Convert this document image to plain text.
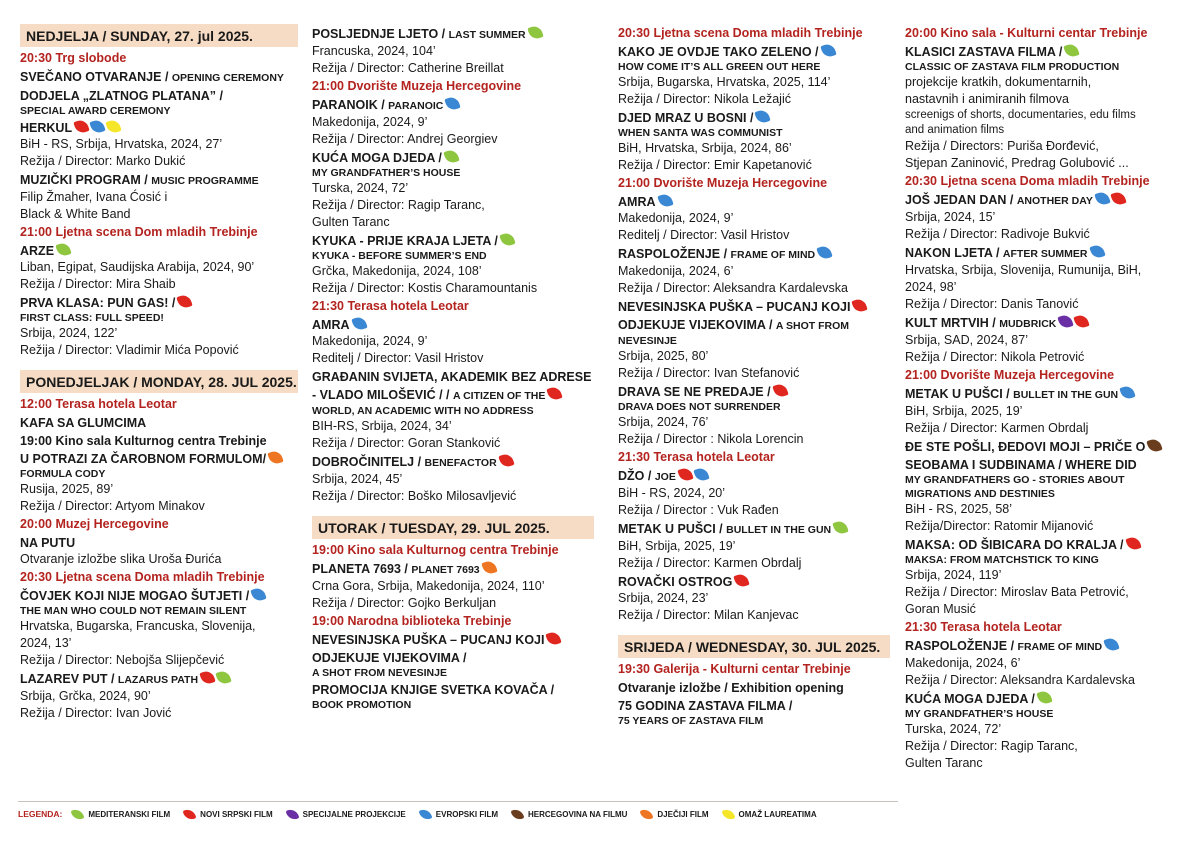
NEDJELJA / SUNDAY, 27. jul 2025.
20:30 Trg slobode
SVEČANO OTVARANJE / OPENING CEREMONY
DODJELA „ZLATNOG PLATANA” /
SPECIAL AWARD CEREMONY
HERKUL
BiH - RS, Srbija, Hrvatska, 2024, 27’
Režija / Director: Marko Dukić
MUZIČKI PROGRAM / MUSIC PROGRAMME
Filip Žmaher, Ivana Ćosić i
Black & White Band
21:00 Ljetna scena Dom mladih Trebinje
ARZE
Liban, Egipat, Saudijska Arabija, 2024, 90’
Režija / Director: Mira Shaib
PRVA KLASA: PUN GAS! /
FIRST CLASS: FULL SPEED!
Srbija, 2024, 122’
Režija / Director: Vladimir Mića Popović
PONEDJELJAK / MONDAY, 28. JUL 2025.
12:00 Terasa hotela Leotar
KAFA SA GLUMCIMA
19:00 Kino sala Kulturnog centra Trebinje
U POTRAZI ZA ČAROBNOM FORMULOM/
FORMULA CODY
Rusija, 2025, 89’
Režija / Director: Artyom Minakov
20:00 Muzej Hercegovine
NA PUTU
Otvaranje izložbe slika Uroša Đurića
20:30 Ljetna scena Doma mladih Trebinje
ČOVJEK KOJI NIJE MOGAO ŠUTJETI /
THE MAN WHO COULD NOT REMAIN SILENT
Hrvatska, Bugarska, Francuska, Slovenija,
2024, 13’
Režija / Director: Nebojša Slijepčević
LAZAREV PUT / LAZARUS PATH
Srbija, Grčka, 2024, 90’
Režija / Director: Ivan Jović
POSLJEDNJE LJETO / LAST SUMMER
Francuska, 2024, 104’
Režija / Director: Catherine Breillat
21:00 Dvorište Muzeja Hercegovine
PARANOIK / PARANOIC
Makedonija, 2024, 9’
Režija / Director: Andrej Georgiev
KUĆA MOGA DJEDA /
MY GRANDFATHER’S HOUSE
Turska, 2024, 72’
Režija / Director: Ragip Taranc,
Gulten Taranc
KYUKA - PRIJE KRAJA LJETA /
KYUKA - BEFORE SUMMER’S END
Grčka, Makedonija, 2024, 108’
Režija / Director: Kostis Charamountanis
21:30 Terasa hotela Leotar
AMRA
Makedonija, 2024, 9’
Reditelj / Director: Vasil Hristov
GRAĐANIN SVIJETA, AKADEMIK BEZ ADRESE
- VLADO MILOŠEVIĆ / / A CITIZEN OF THE
WORLD, AN ACADEMIC WITH NO ADDRESS
BIH-RS, Srbija, 2024, 34’
Režija / Director: Goran Stanković
DOBROČINITELJ / BENEFACTOR
Srbija, 2024, 45’
Režija / Director: Boško Milosavljević
UTORAK / TUESDAY, 29. JUL 2025.
19:00 Kino sala Kulturnog centra Trebinje
PLANETA 7693 / PLANET 7693
Crna Gora, Srbija, Makedonija, 2024, 110’
Režija / Director: Gojko Berkuljan
19:00 Narodna biblioteka Trebinje
NEVESINJSKA PUŠKA – PUCANJ KOJI
ODJEKUJE VIJEKOVIMA /
A SHOT FROM NEVESINJE
PROMOCIJA KNJIGE SVETKA KOVAČA /
BOOK PROMOTION
20:30 Ljetna scena Doma mladih Trebinje
KAKO JE OVDJE TAKO ZELENO /
HOW COME IT’S ALL GREEN OUT HERE
Srbija, Bugarska, Hrvatska, 2025, 114’
Režija / Director: Nikola Ležajić
DJED MRAZ U BOSNI /
WHEN SANTA WAS COMMUNIST
BiH, Hrvatska, Srbija, 2024, 86’
Režija / Director: Emir Kapetanović
21:00 Dvorište Muzeja Hercegovine
AMRA
Makedonija, 2024, 9’
Reditelj / Director: Vasil Hristov
RASPOLOŽENJE / FRAME OF MIND
Makedonija, 2024, 6’
Režija / Director: Aleksandra Kardalevska
NEVESINJSKA PUŠKA – PUCANJ KOJI
ODJEKUJE VIJEKOVIMA / A SHOT FROM
NEVESINJE
Srbija, 2025, 80’
Režija / Director: Ivan Stefanović
DRAVA SE NE PREDAJE /
DRAVA DOES NOT SURRENDER
Srbija, 2024, 76’
Režija / Director : Nikola Lorencin
21:30 Terasa hotela Leotar
DŽO / JOE
BiH - RS, 2024, 20’
Režija / Director : Vuk Rađen
METAK U PUŠCI / BULLET IN THE GUN
BiH, Srbija, 2025, 19’
Režija / Director: Karmen Obrdalj
ROVAČKI OSTROG
Srbija, 2024, 23’
Režija / Director: Milan Kanjevac
SRIJEDA / WEDNESDAY, 30. JUL 2025.
19:30 Galerija - Kulturni centar Trebinje
Otvaranje izložbe / Exhibition opening
75 GODINA ZASTAVA FILMA /
75 YEARS OF ZASTAVA FILM
20:00 Kino sala - Kulturni centar Trebinje
KLASICI ZASTAVA FILMA /
CLASSIC OF ZASTAVA FILM PRODUCTION
projekcije kratkih, dokumentarnih,
nastavnih i animiranih filmova
screenigs of shorts, documentaries, edu films
and animation films
Režija / Directors: Puriša Đorđević,
Stjepan Zaninović, Predrag Golubović ...
20:30 Ljetna scena Doma mladih Trebinje
JOŠ JEDAN DAN / ANOTHER DAY
Srbija, 2024, 15’
Režija / Director: Radivoje Bukvić
NAKON LJETA / AFTER SUMMER
Hrvatska, Srbija, Slovenija, Rumunija, BiH,
2024, 98’
Režija / Director: Danis Tanović
KULT MRTVIH / MUDBRICK
Srbija, SAD, 2024, 87’
Režija / Director: Nikola Petrović
21:00 Dvorište Muzeja Hercegovine
METAK U PUŠCI / BULLET IN THE GUN
BiH, Srbija, 2025, 19’
Režija / Director: Karmen Obrdalj
ĐE STE POŠLI, ĐEDOVI MOJI – PRIČE O
SEOBAMA I SUDBINAMA / WHERE DID
MY GRANDFATHERS GO - STORIES ABOUT
MIGRATIONS AND DESTINIES
BiH - RS, 2025, 58’
Režija/Director: Ratomir Mijanović
MAKSA: OD ŠIBICARA DO KRALJA /
MAKSA: FROM MATCHSTICK TO KING
Srbija, 2024, 119’
Režija / Director: Miroslav Bata Petrović,
Goran Musić
21:30 Terasa hotela Leotar
RASPOLOŽENJE / FRAME OF MIND
Makedonija, 2024, 6’
Režija / Director: Aleksandra Kardalevska
KUĆA MOGA DJEDA /
MY GRANDFATHER’S HOUSE
Turska, 2024, 72’
Režija / Director: Ragip Taranc,
Gulten Taranc
LEGENDA:	MEDITERANSKI FILM	NOVI SRPSKI FILM	SPECIJALNE PROJEKCIJE	EVROPSKI FILM	HERCEGOVINA NA FILMU	DJEČIJI FILM	OMAŽ LAUREATIMA
